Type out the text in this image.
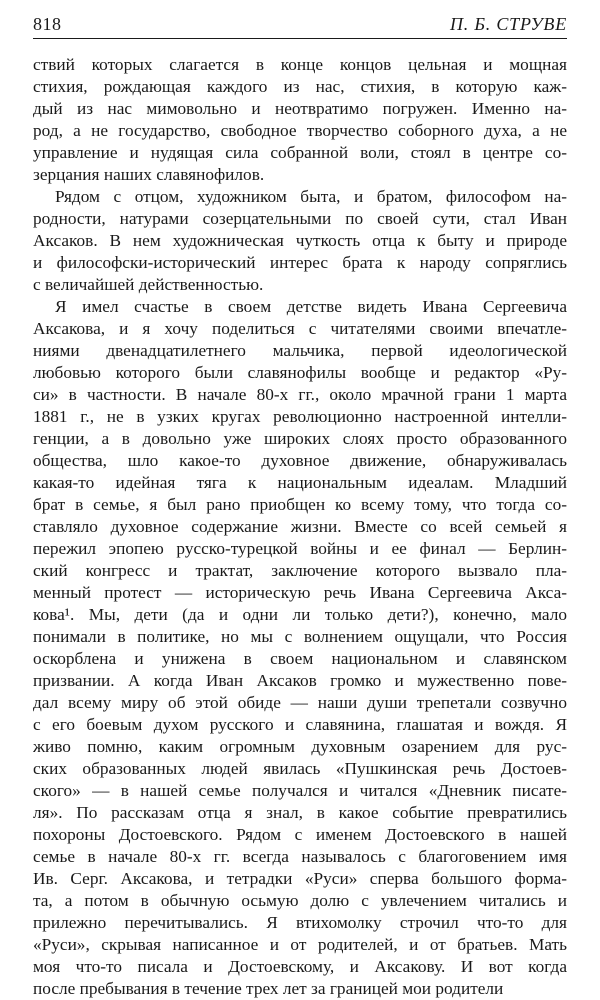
818	П. Б. СТРУВЕ
ствий которых слагается в конце концов цельная и мощная
стихия, рождающая каждого из нас, стихия, в которую каж-
дый из нас мимовольно и неотвратимо погружен. Именно на-
род, а не государство, свободное творчество соборного духа, а не
управление и нудящая сила собранной воли, стоял в центре со-
зерцания наших славянофилов.
Рядом с отцом, художником быта, и братом, философом на-
родности, натурами созерцательными по своей сути, стал Иван
Аксаков. В нем художническая чуткость отца к быту и природе
и философски-исторический интерес брата к народу сопряглись
с величайшей действенностью.
Я имел счастье в своем детстве видеть Ивана Сергеевича
Аксакова, и я хочу поделиться с читателями своими впечатле-
ниями двенадцатилетнего мальчика, первой идеологической
любовью которого были славянофилы вообще и редактор «Ру-
си» в частности. В начале 80-х гг., около мрачной грани 1 марта
1881 г., не в узких кругах революционно настроенной интелли-
генции, а в довольно уже широких слоях просто образованного
общества, шло какое-то духовное движение, обнаруживалась
какая-то идейная тяга к национальным идеалам. Младший
брат в семье, я был рано приобщен ко всему тому, что тогда со-
ставляло духовное содержание жизни. Вместе со всей семьей я
пережил эпопею русско-турецкой войны и ее финал — Берлин-
ский конгресс и трактат, заключение которого вызвало пла-
менный протест — историческую речь Ивана Сергеевича Акса-
кова¹. Мы, дети (да и одни ли только дети?), конечно, мало
понимали в политике, но мы с волнением ощущали, что Россия
оскорблена и унижена в своем национальном и славянском
призвании. А когда Иван Аксаков громко и мужественно пове-
дал всему миру об этой обиде — наши души трепетали созвучно
с его боевым духом русского и славянина, глашатая и вождя. Я
живо помню, каким огромным духовным озарением для рус-
ских образованных людей явилась «Пушкинская речь Достоев-
ского» — в нашей семье получался и читался «Дневник писате-
ля». По рассказам отца я знал, в какое событие превратились
похороны Достоевского. Рядом с именем Достоевского в нашей
семье в начале 80-х гг. всегда называлось с благоговением имя
Ив. Серг. Аксакова, и тетрадки «Руси» сперва большого форма-
та, а потом в обычную осьмую долю с увлечением читались и
прилежно перечитывались. Я втихомолку строчил что-то для
«Руси», скрывая написанное и от родителей, и от братьев. Мать
моя что-то писала и Достоевскому, и Аксакову. И вот когда
после пребывания в течение трех лет за границей мои родители
